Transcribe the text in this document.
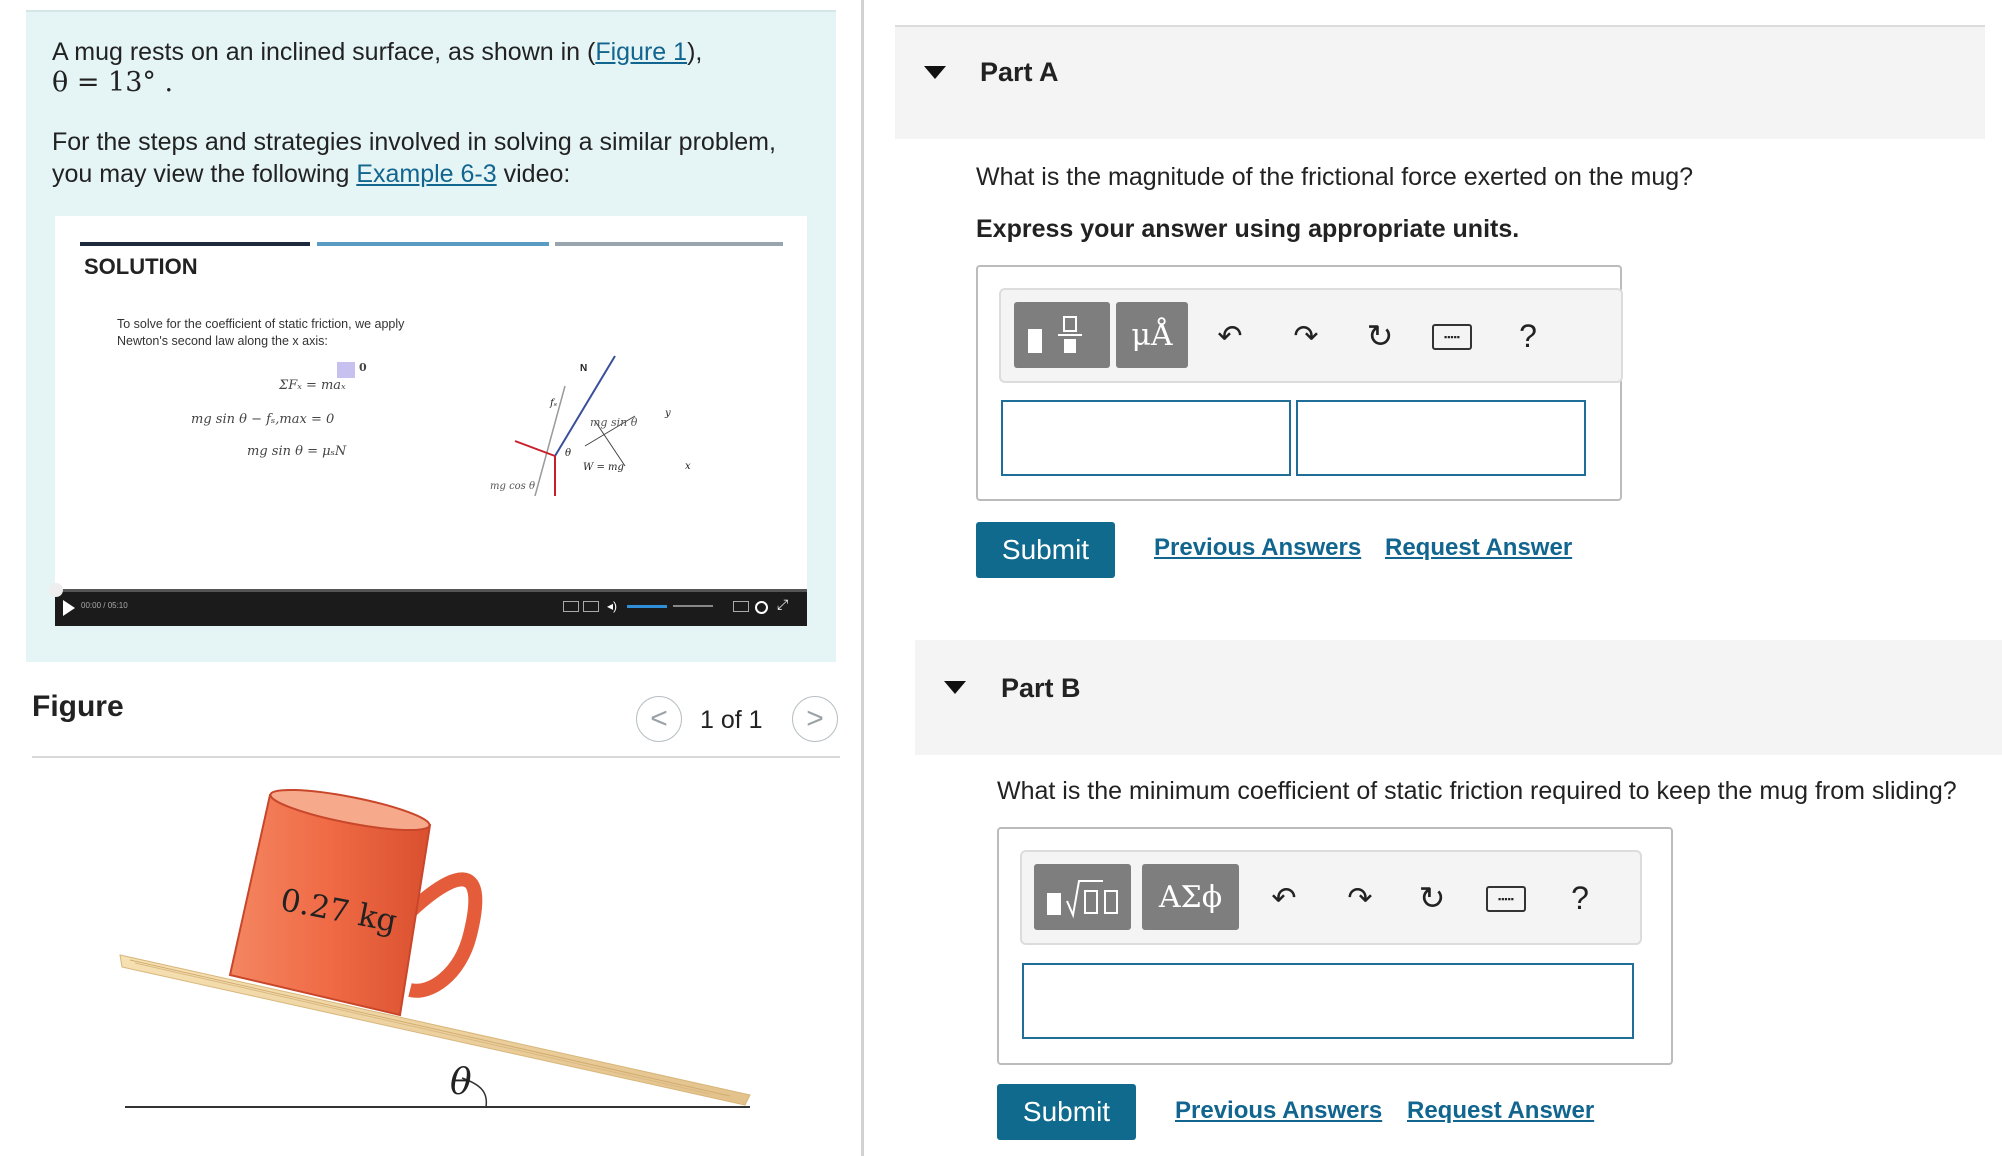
A mug rests on an inclined surface, as shown in (Figure 1),
θ = 13° .
For the steps and strategies involved in solving a similar problem,
you may view the following Example 6-3 video:
SOLUTION
To solve for the coefficient of static friction, we apply
Newton's second law along the x axis:
ΣFₓ = maₓ
0
mg sin θ − fₛ,max = 0
mg sin θ = μₛN
N
fₛ
mg sin θ
y
x
θ
W = mg
mg cos θ
00:00 / 05:10	◂)	⤢
Figure	< 1 of 1 >
0.27 kg
θ
Part A
What is the magnitude of the frictional force exerted on the mug?
Express your answer using appropriate units.
μÅ	↶ ↷ ↻	▪▪▪▪▪	?
Submit	Previous Answers Request Answer
Part B
What is the minimum coefficient of static friction required to keep the mug from sliding?
ΑΣϕ	↶ ↷ ↻	▪▪▪▪▪	?
Submit	Previous Answers Request Answer
